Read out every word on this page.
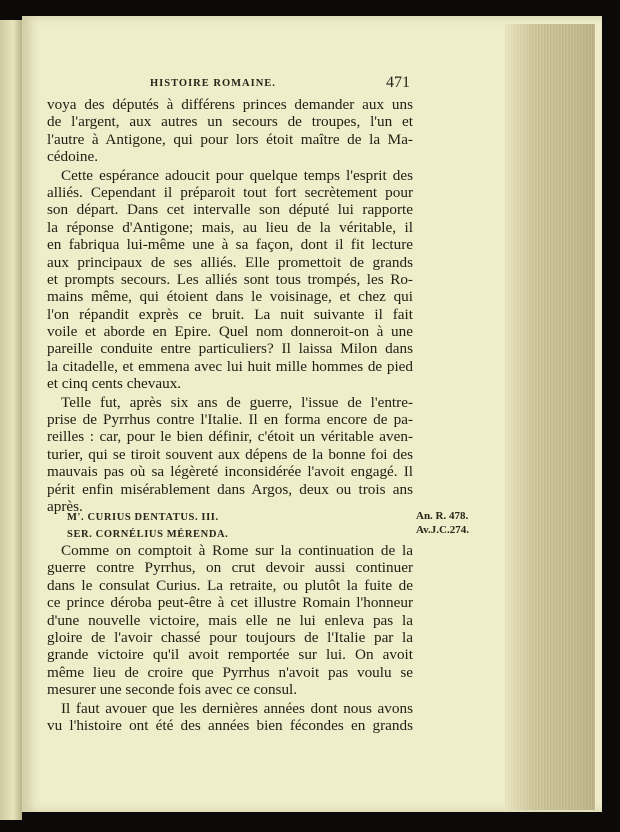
HISTOIRE ROMAINE.	471
voya des députés à différens princes demander aux uns
de l'argent, aux autres un secours de troupes, l'un et
l'autre à Antigone, qui pour lors étoit maître de la Ma-
cédoine.
Cette espérance adoucit pour quelque temps l'esprit des
alliés. Cependant il préparoit tout fort secrètement pour
son départ. Dans cet intervalle son député lui rapporte
la réponse d'Antigone; mais, au lieu de la véritable, il
en fabriqua lui-même une à sa façon, dont il fit lecture
aux principaux de ses alliés. Elle promettoit de grands
et prompts secours. Les alliés sont tous trompés, les Ro-
mains même, qui étoient dans le voisinage, et chez qui
l'on répandit exprès ce bruit. La nuit suivante il fait
voile et aborde en Epire. Quel nom donneroit-on à une
pareille conduite entre particuliers? Il laissa Milon dans
la citadelle, et emmena avec lui huit mille hommes de pied
et cinq cents chevaux.
Telle fut, après six ans de guerre, l'issue de l'entre-
prise de Pyrrhus contre l'Italie. Il en forma encore de pa-
reilles : car, pour le bien définir, c'étoit un véritable aven-
turier, qui se tiroit souvent aux dépens de la bonne foi des
mauvais pas où sa légèreté inconsidérée l'avoit engagé. Il
périt enfin misérablement dans Argos, deux ou trois ans
après.
M'. CURIUS DENTATUS. III.
SER. CORNÉLIUS MÉRENDA.
An. R. 478.
Av.J.C.274.
Comme on comptoit à Rome sur la continuation de la
guerre contre Pyrrhus, on crut devoir aussi continuer
dans le consulat Curius. La retraite, ou plutôt la fuite de
ce prince déroba peut-être à cet illustre Romain l'honneur
d'une nouvelle victoire, mais elle ne lui enleva pas la
gloire de l'avoir chassé pour toujours de l'Italie par la
grande victoire qu'il avoit remportée sur lui. On avoit
même lieu de croire que Pyrrhus n'avoit pas voulu se
mesurer une seconde fois avec ce consul.
Il faut avouer que les dernières années dont nous avons
vu l'histoire ont été des années bien fécondes en grands
